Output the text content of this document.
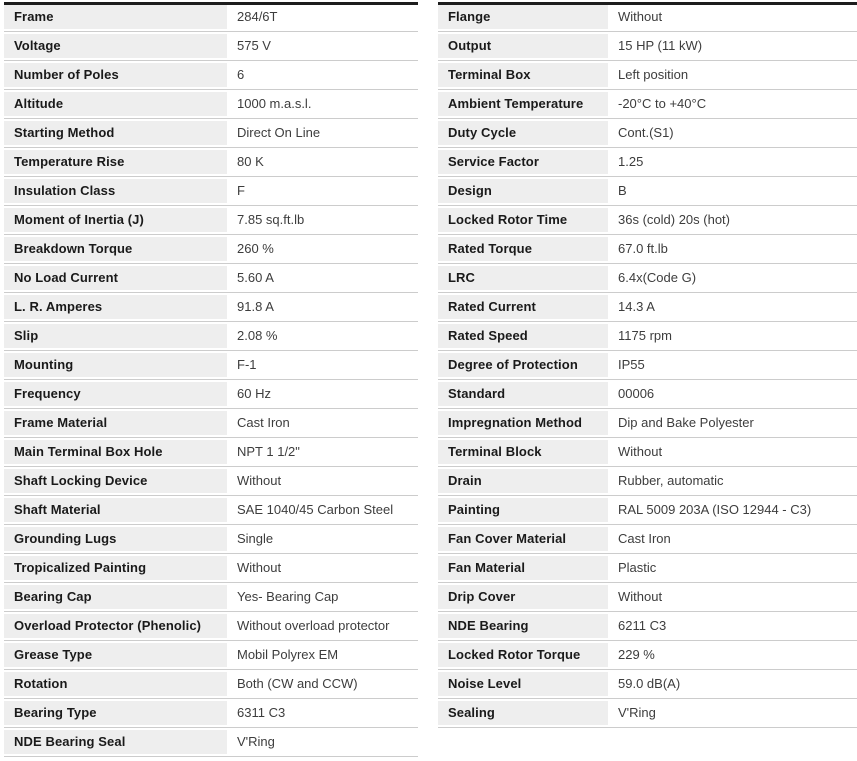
Frame	284/6T
Voltage	575 V
Number of Poles	6
Altitude	1000 m.a.s.l.
Starting Method	Direct On Line
Temperature Rise	80 K
Insulation Class	F
Moment of Inertia (J)	7.85 sq.ft.lb
Breakdown Torque	260 %
No Load Current	5.60 A
L. R. Amperes	91.8 A
Slip	2.08 %
Mounting	F-1
Frequency	60 Hz
Frame Material	Cast Iron
Main Terminal Box Hole	NPT 1 1/2"
Shaft Locking Device	Without
Shaft Material	SAE 1040/45 Carbon Steel
Grounding Lugs	Single
Tropicalized Painting	Without
Bearing Cap	Yes- Bearing Cap
Overload Protector (Phenolic)	Without overload protector
Grease Type	Mobil Polyrex EM
Rotation	Both (CW and CCW)
Bearing Type	6311 C3
NDE Bearing Seal	V'Ring
Flange	Without
Output	15 HP (11 kW)
Terminal Box	Left position
Ambient Temperature	-20°C to +40°C
Duty Cycle	Cont.(S1)
Service Factor	1.25
Design	B
Locked Rotor Time	36s (cold) 20s (hot)
Rated Torque	67.0 ft.lb
LRC	6.4x(Code G)
Rated Current	14.3 A
Rated Speed	1175 rpm
Degree of Protection	IP55
Standard	00006
Impregnation Method	Dip and Bake Polyester
Terminal Block	Without
Drain	Rubber, automatic
Painting	RAL 5009 203A (ISO 12944 - C3)
Fan Cover Material	Cast Iron
Fan Material	Plastic
Drip Cover	Without
NDE Bearing	6211 C3
Locked Rotor Torque	229 %
Noise Level	59.0 dB(A)
Sealing	V'Ring
